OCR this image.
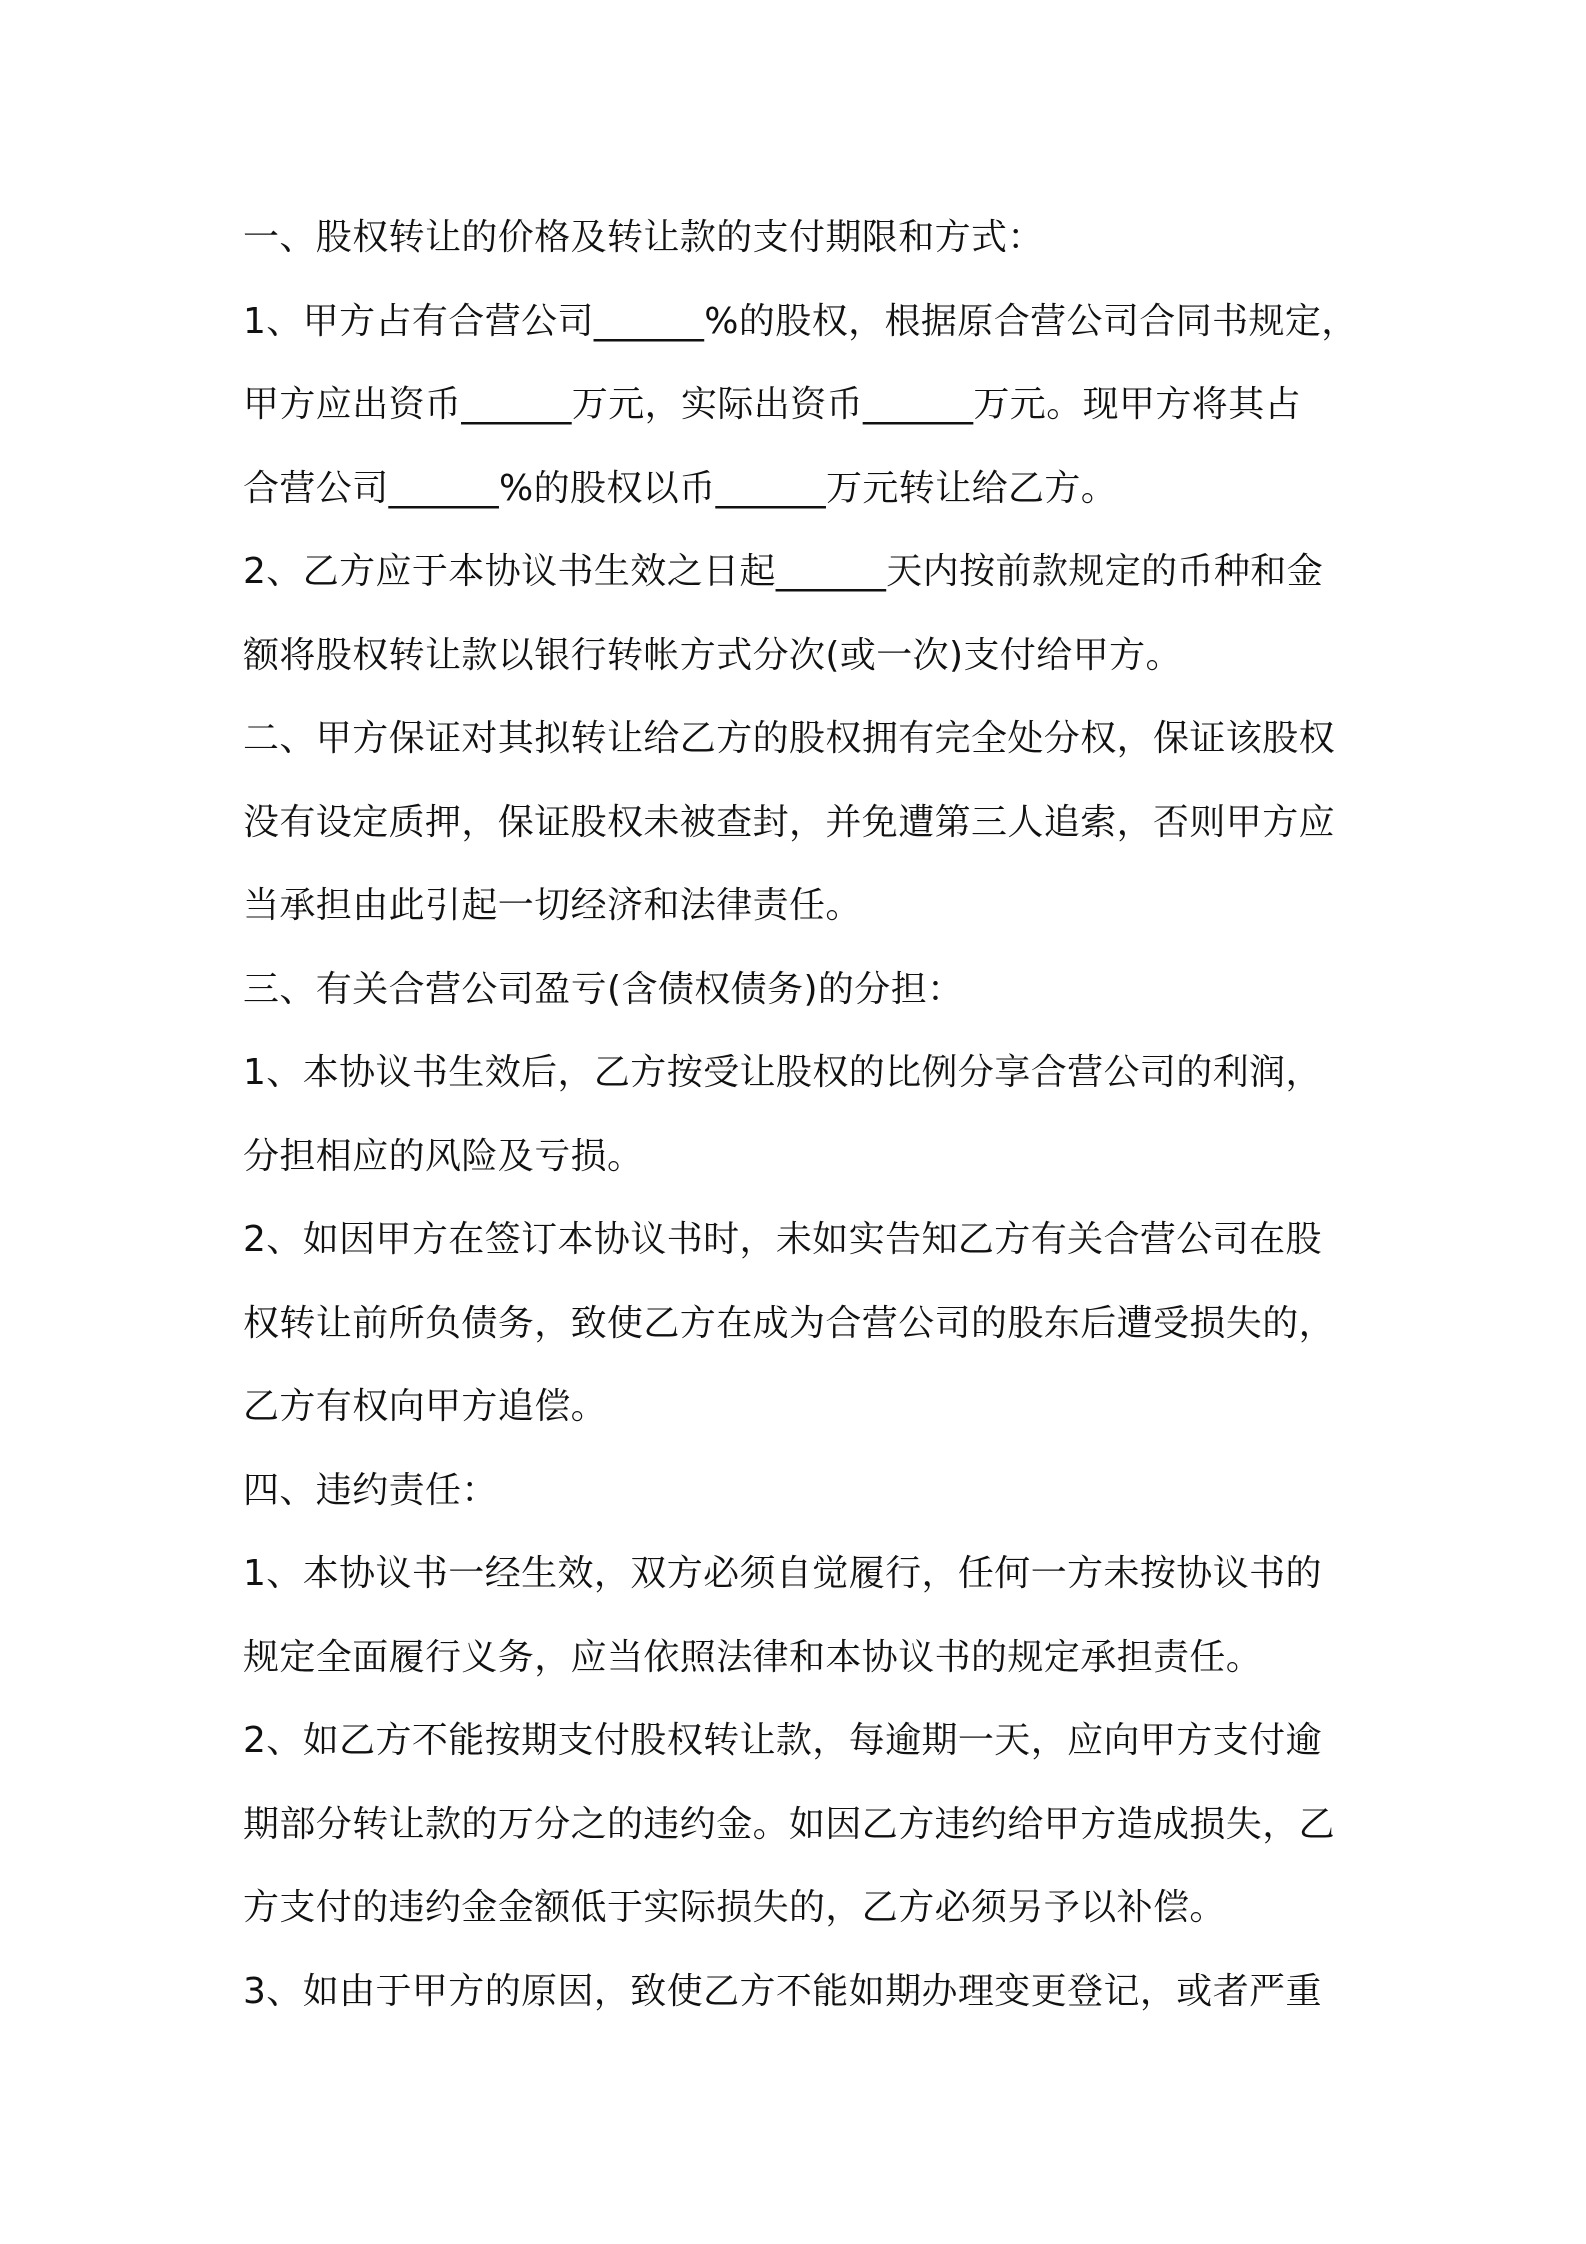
一、股权转让的价格及转让款的支付期限和方式：
1、甲方占有合营公司______%的股权，根据原合营公司合同书规定，
甲方应出资币______万元，实际出资币______万元。现甲方将其占
合营公司______%的股权以币______万元转让给乙方。
2、乙方应于本协议书生效之日起______天内按前款规定的币种和金
额将股权转让款以银行转帐方式分次(或一次)支付给甲方。
二、甲方保证对其拟转让给乙方的股权拥有完全处分权，保证该股权
没有设定质押，保证股权未被查封，并免遭第三人追索，否则甲方应
当承担由此引起一切经济和法律责任。
三、有关合营公司盈亏(含债权债务)的分担：
1、本协议书生效后，乙方按受让股权的比例分享合营公司的利润，
分担相应的风险及亏损。
2、如因甲方在签订本协议书时，未如实告知乙方有关合营公司在股
权转让前所负债务，致使乙方在成为合营公司的股东后遭受损失的，
乙方有权向甲方追偿。
四、违约责任：
1、本协议书一经生效，双方必须自觉履行，任何一方未按协议书的
规定全面履行义务，应当依照法律和本协议书的规定承担责任。
2、如乙方不能按期支付股权转让款，每逾期一天，应向甲方支付逾
期部分转让款的万分之的违约金。如因乙方违约给甲方造成损失，乙
方支付的违约金金额低于实际损失的，乙方必须另予以补偿。
3、如由于甲方的原因，致使乙方不能如期办理变更登记，或者严重
